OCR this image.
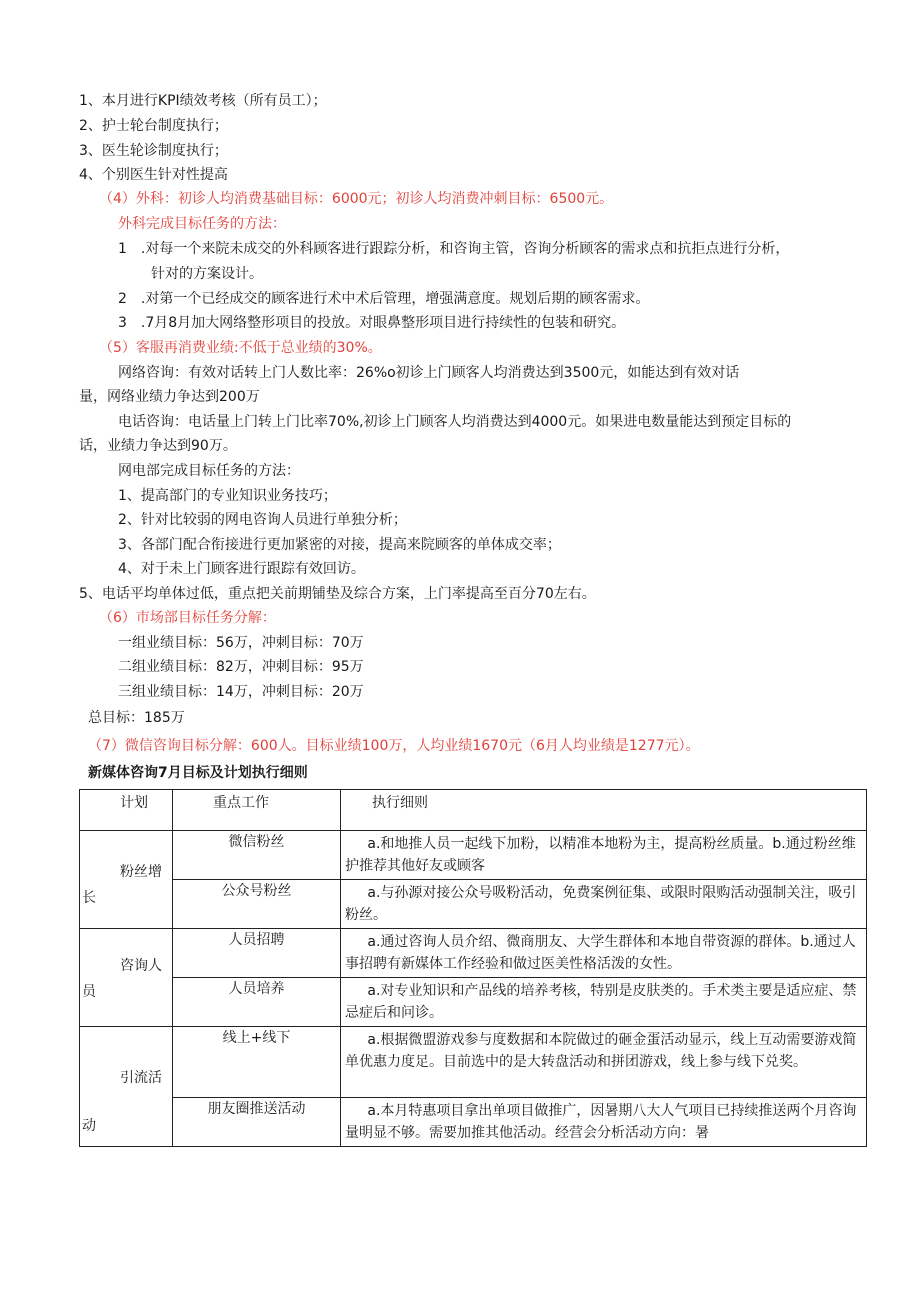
1、本月进行KPI绩效考核（所有员工）；
2、护士轮台制度执行；
3、医生轮诊制度执行；
4、个别医生针对性提高
（4）外科：初诊人均消费基础目标：6000元；初诊人均消费冲刺目标：6500元。
外科完成目标任务的方法：
1　.对每一个来院未成交的外科顾客进行跟踪分析，和咨询主管，咨询分析顾客的需求点和抗拒点进行分析，
针对的方案设计。
2　.对第一个已经成交的顾客进行术中术后管理，增强满意度。规划后期的顾客需求。
3　.7月8月加大网络整形项目的投放。对眼鼻整形项目进行持续性的包装和研究。
（5）客服再消费业绩:不低于总业绩的30%。
网络咨询：有效对话转上门人数比率：26%o初诊上门顾客人均消费达到3500元，如能达到有效对话
量，网络业绩力争达到200万
电话咨询：电话量上门转上门比率70%,初诊上门顾客人均消费达到4000元。如果进电数量能达到预定目标的
话，业绩力争达到90万。
网电部完成目标任务的方法：
1、提高部门的专业知识业务技巧；
2、针对比较弱的网电咨询人员进行单独分析；
3、各部门配合衔接进行更加紧密的对接，提高来院顾客的单体成交率；
4、对于未上门顾客进行跟踪有效回访。
5、电话平均单体过低，重点把关前期铺垫及综合方案，上门率提高至百分70左右。
（6）市场部目标任务分解：
一组业绩目标：56万，冲刺目标：70万
二组业绩目标：82万，冲刺目标：95万
三组业绩目标：14万，冲刺目标：20万
总目标：185万
（7）微信咨询目标分解：600人。目标业绩100万，人均业绩1670元（6月人均业绩是1277元）。
新媒体咨询7月目标及计划执行细则
计划	重点工作	执行细则

粉丝增
长	微信粉丝	a.和地推人员一起线下加粉，以精准本地粉为主，提高粉丝质量。b.通过粉丝维护推荐其他好友或顾客

	公众号粉丝	a.与孙源对接公众号吸粉活动，免费案例征集、或限时限购活动强制关注，吸引粉丝。

咨询人
员	人员招聘	a.通过咨询人员介绍、微商朋友、大学生群体和本地自带资源的群体。b.通过人事招聘有新媒体工作经验和做过医美性格活泼的女性。

	人员培养	a.对专业知识和产品线的培养考核，特别是皮肤类的。手术类主要是适应症、禁忌症后和问诊。

引流活
动	线上+线下	a.根据微盟游戏参与度数据和本院做过的砸金蛋活动显示，线上互动需要游戏简单优惠力度足。目前选中的是大转盘活动和拼团游戏，线上参与线下兑奖。

	朋友圈推送活动	a.本月特惠项目拿出单项目做推广，因暑期八大人气项目已持续推送两个月咨询量明显不够。需要加推其他活动。经营会分析活动方向：暑
